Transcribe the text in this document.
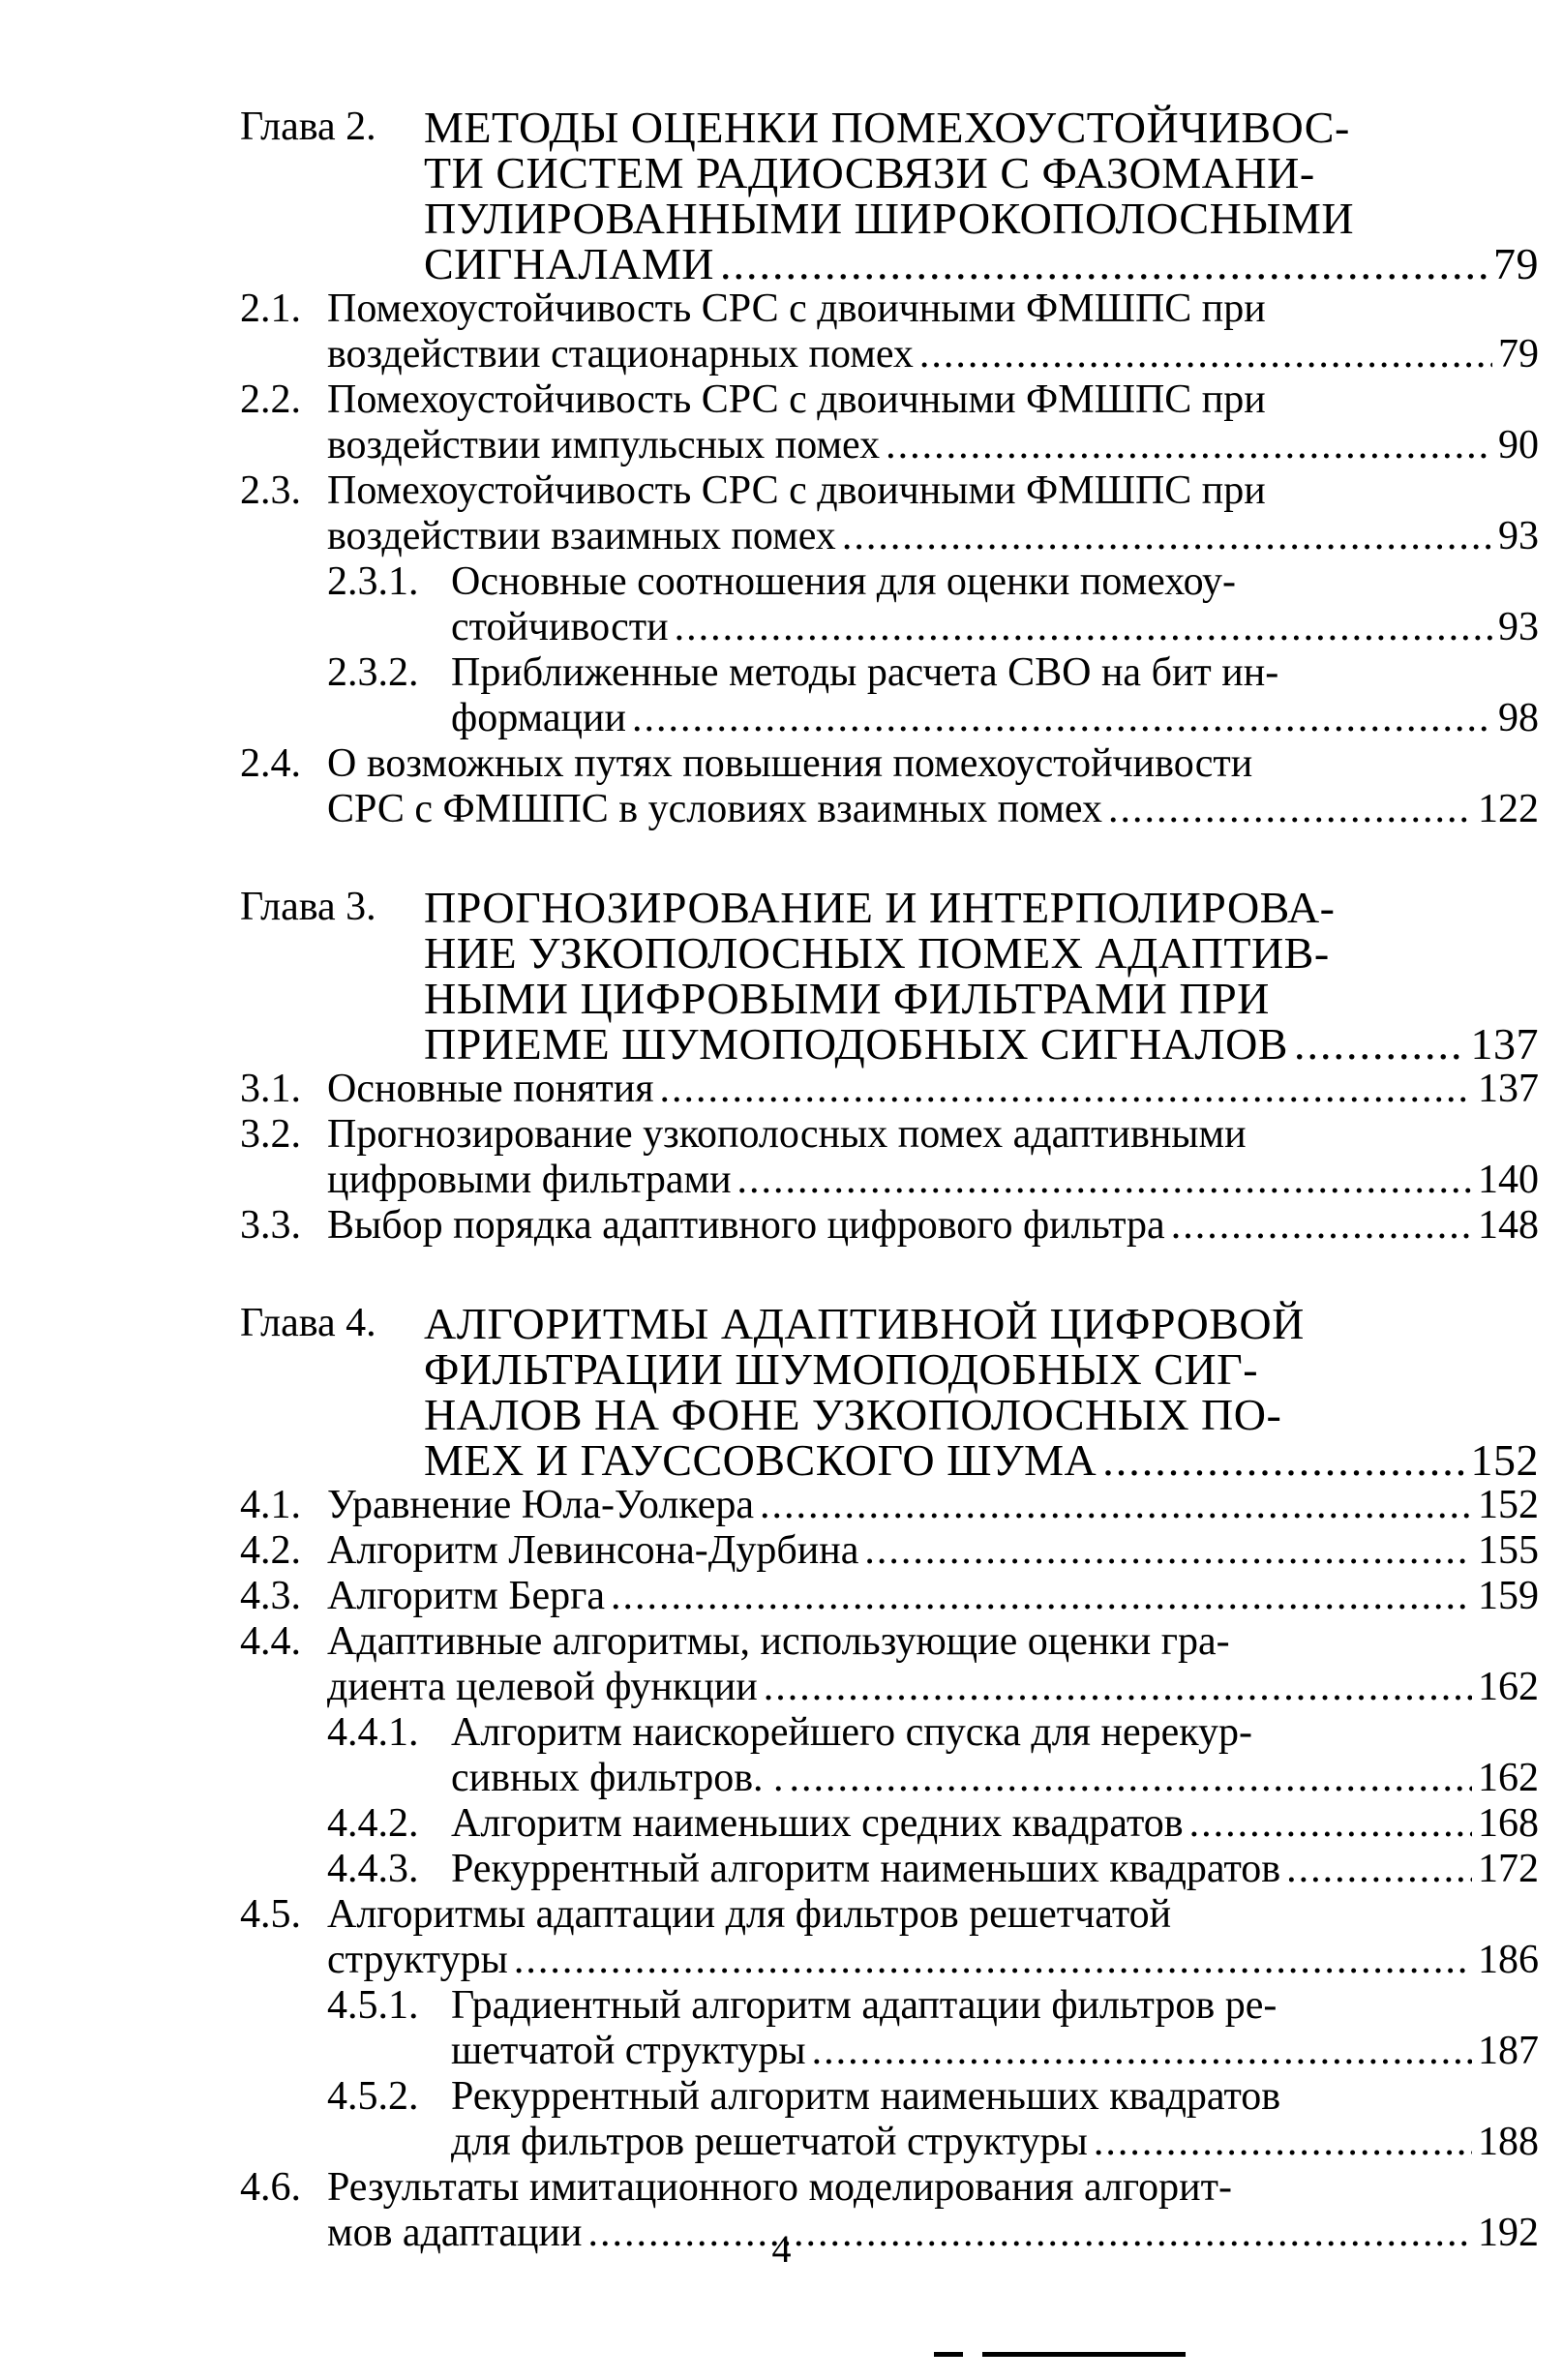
Глава 2. МЕТОДЫ ОЦЕНКИ ПОМЕХОУСТОЙЧИВОС-
ТИ СИСТЕМ РАДИОСВЯЗИ С ФАЗОМАНИ-
ПУЛИРОВАННЫМИ ШИРОКОПОЛОСНЫМИ
СИГНАЛАМИ .....	79
2.1. Помехоустойчивость СРС с двоичными ФМШПС при
воздействии стационарных помех .....	79
2.2. Помехоустойчивость СРС с двоичными ФМШПС при
воздействии импульсных помех .....	90
2.3. Помехоустойчивость СРС с двоичными ФМШПС при
воздействии взаимных помех .....	93
2.3.1. Основные соотношения для оценки помехоу-
стойчивости .....	93
2.3.2. Приближенные методы расчета СВО на бит ин-
формации .....	98
2.4. О возможных путях повышения помехоустойчивости
СРС с ФМШПС в условиях взаимных помех .....	122
Глава 3. ПРОГНОЗИРОВАНИЕ И ИНТЕРПОЛИРОВА-
НИЕ УЗКОПОЛОСНЫХ ПОМЕХ АДАПТИВ-
НЫМИ ЦИФРОВЫМИ ФИЛЬТРАМИ ПРИ
ПРИЕМЕ ШУМОПОДОБНЫХ СИГНАЛОВ .....	137
3.1. Основные понятия .....	137
3.2. Прогнозирование узкополосных помех адаптивными
цифровыми фильтрами .....	140
3.3. Выбор порядка адаптивного цифрового фильтра .....	148
Глава 4. АЛГОРИТМЫ АДАПТИВНОЙ ЦИФРОВОЙ
ФИЛЬТРАЦИИ ШУМОПОДОБНЫХ СИГ-
НАЛОВ НА ФОНЕ УЗКОПОЛОСНЫХ ПО-
МЕХ И ГАУССОВСКОГО ШУМА .....	152
4.1. Уравнение Юла-Уолкера .....	152
4.2. Алгоритм Левинсона-Дурбина .....	155
4.3. Алгоритм Берга .....	159
4.4. Адаптивные алгоритмы, использующие оценки гра-
диента целевой функции .....	162
4.4.1. Алгоритм наискорейшего спуска для нерекур-
сивных фильтров. . .....	162
4.4.2. Алгоритм наименьших средних квадратов .....	168
4.4.3. Рекуррентный алгоритм наименьших квадратов .....	172
4.5. Алгоритмы адаптации для фильтров решетчатой
структуры .....	186
4.5.1. Градиентный алгоритм адаптации фильтров ре-
шетчатой структуры .....	187
4.5.2. Рекуррентный алгоритм наименьших квадратов
для фильтров решетчатой структуры .....	188
4.6. Результаты имитационного моделирования алгорит-
мов адаптации .....	192
4
